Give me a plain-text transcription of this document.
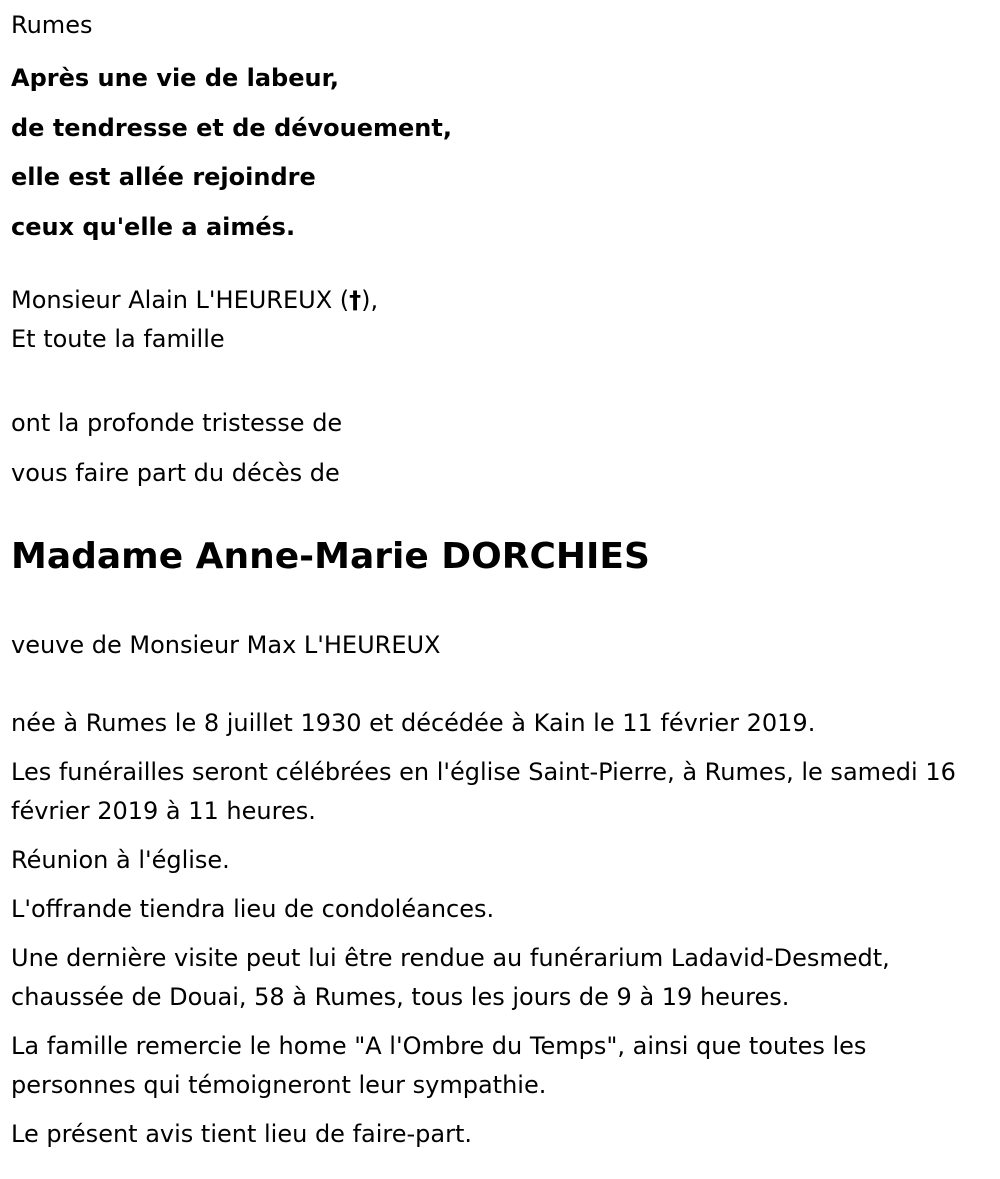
Rumes

Après une vie de labeur,

de tendresse et de dévouement,

elle est allée rejoindre

ceux qu'elle a aimés.

Monsieur Alain L'HEUREUX (†),

Et toute la famille

ont la profonde tristesse de

vous faire part du décès de

Madame Anne-Marie DORCHIES

veuve de Monsieur Max L'HEUREUX

née à Rumes le 8 juillet 1930 et décédée à Kain le 11 février 2019.

Les funérailles seront célébrées en l'église Saint-Pierre, à Rumes, le samedi 16 février 2019 à 11 heures.

Réunion à l'église.

L'offrande tiendra lieu de condoléances.

Une dernière visite peut lui être rendue au funérarium Ladavid-Desmedt, chaussée de Douai, 58 à Rumes, tous les jours de 9 à 19 heures.

La famille remercie le home "A l'Ombre du Temps", ainsi que toutes les personnes qui témoigneront leur sympathie.

Le présent avis tient lieu de faire-part.
